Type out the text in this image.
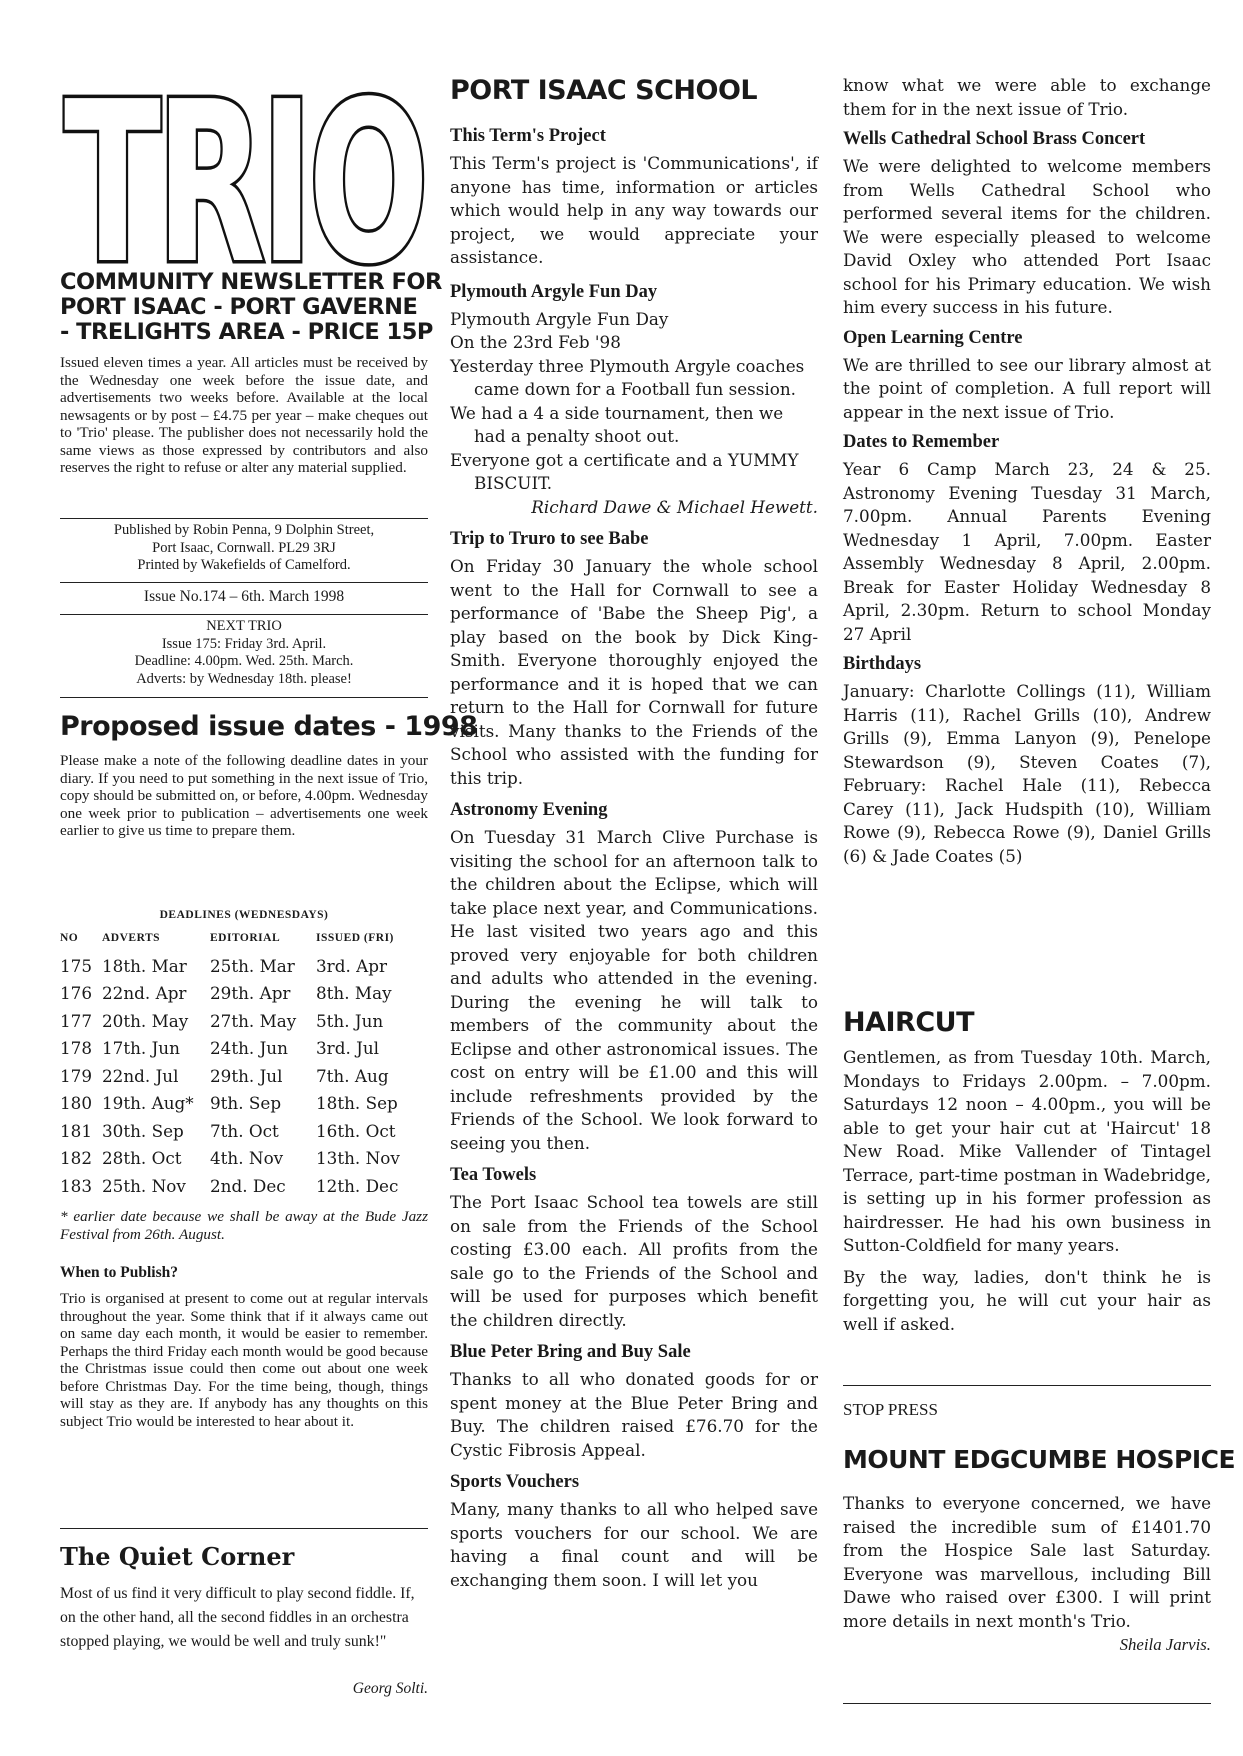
TRIO
COMMUNITY NEWSLETTER FOR
PORT ISAAC - PORT GAVERNE
- TRELIGHTS AREA - PRICE 15P
Issued eleven times a year. All articles must be received by the Wednesday one week before the issue date, and advertisements two weeks before. Available at the local newsagents or by post – £4.75 per year – make cheques out to 'Trio' please. The publisher does not necessarily hold the same views as those expressed by contributors and also reserves the right to refuse or alter any material supplied.
Published by Robin Penna, 9 Dolphin Street,
Port Isaac, Cornwall. PL29 3RJ
Printed by Wakefields of Camelford.
Issue No.174 – 6th. March 1998
NEXT TRIO
Issue 175: Friday 3rd. April.
Deadline: 4.00pm. Wed. 25th. March.
Adverts: by Wednesday 18th. please!
Proposed issue dates - 1998
Please make a note of the following deadline dates in your diary. If you need to put something in the next issue of Trio, copy should be submitted on, or before, 4.00pm. Wednesday one week prior to publication – advertisements one week earlier to give us time to prepare them.
DEADLINES (WEDNESDAYS)
NO	ADVERTS	EDITORIAL	ISSUED (FRI)
175	18th. Mar	25th. Mar	3rd. Apr
176	22nd. Apr	29th. Apr	8th. May
177	20th. May	27th. May	5th. Jun
178	17th. Jun	24th. Jun	3rd. Jul
179	22nd. Jul	29th. Jul	7th. Aug
180	19th. Aug*	9th. Sep	18th. Sep
181	30th. Sep	7th. Oct	16th. Oct
182	28th. Oct	4th. Nov	13th. Nov
183	25th. Nov	2nd. Dec	12th. Dec
* earlier date because we shall be away at the Bude Jazz Festival from 26th. August.
When to Publish?
Trio is organised at present to come out at regular intervals throughout the year. Some think that if it always came out on same day each month, it would be easier to remember. Perhaps the third Friday each month would be good because the Christmas issue could then come out about one week before Christmas Day. For the time being, though, things will stay as they are. If anybody has any thoughts on this subject Trio would be interested to hear about it.
The Quiet Corner
Most of us find it very difficult to play second fiddle. If, on the other hand, all the second fiddles in an orchestra stopped playing, we would be well and truly sunk!"
Georg Solti.
PORT ISAAC SCHOOL

This Term's Project

This Term's project is 'Communications', if anyone has time, information or articles which would help in any way towards our project, we would appreciate your assistance.

Plymouth Argyle Fun Day

Plymouth Argyle Fun Day

On the 23rd Feb '98

Yesterday three Plymouth Argyle coaches came down for a Football fun session.

We had a 4 a side tournament, then we had a penalty shoot out.

Everyone got a certificate and a YUMMY BISCUIT.

Richard Dawe & Michael Hewett.

Trip to Truro to see Babe

On Friday 30 January the whole school went to the Hall for Cornwall to see a performance of 'Babe the Sheep Pig', a play based on the book by Dick King-Smith. Everyone thoroughly enjoyed the performance and it is hoped that we can return to the Hall for Cornwall for future visits. Many thanks to the Friends of the School who assisted with the funding for this trip.

Astronomy Evening

On Tuesday 31 March Clive Purchase is visiting the school for an afternoon talk to the children about the Eclipse, which will take place next year, and Communications. He last visited two years ago and this proved very enjoyable for both children and adults who attended in the evening. During the evening he will talk to members of the community about the Eclipse and other astronomical issues. The cost on entry will be £1.00 and this will include refreshments provided by the Friends of the School. We look forward to seeing you then.

Tea Towels

The Port Isaac School tea towels are still on sale from the Friends of the School costing £3.00 each. All profits from the sale go to the Friends of the School and will be used for purposes which benefit the children directly.

Blue Peter Bring and Buy Sale

Thanks to all who donated goods for or spent money at the Blue Peter Bring and Buy. The children raised £76.70 for the Cystic Fibrosis Appeal.

Sports Vouchers

Many, many thanks to all who helped save sports vouchers for our school. We are having a final count and will be exchanging them soon. I will let you

know what we were able to exchange them for in the next issue of Trio.

Wells Cathedral School Brass Concert

We were delighted to welcome members from Wells Cathedral School who performed several items for the children. We were especially pleased to welcome David Oxley who attended Port Isaac school for his Primary education. We wish him every success in his future.

Open Learning Centre

We are thrilled to see our library almost at the point of completion. A full report will appear in the next issue of Trio.

Dates to Remember

Year 6 Camp March 23, 24 & 25. Astronomy Evening Tuesday 31 March, 7.00pm. Annual Parents Evening Wednesday 1 April, 7.00pm. Easter Assembly Wednesday 8 April, 2.00pm. Break for Easter Holiday Wednesday 8 April, 2.30pm. Return to school Monday 27 April

Birthdays

January: Charlotte Collings (11), William Harris (11), Rachel Grills (10), Andrew Grills (9), Emma Lanyon (9), Penelope Stewardson (9), Steven Coates (7), February: Rachel Hale (11), Rebecca Carey (11), Jack Hudspith (10), William Rowe (9), Rebecca Rowe (9), Daniel Grills (6) & Jade Coates (5)

HAIRCUT

Gentlemen, as from Tuesday 10th. March, Mondays to Fridays 2.00pm. – 7.00pm. Saturdays 12 noon – 4.00pm., you will be able to get your hair cut at 'Haircut' 18 New Road. Mike Vallender of Tintagel Terrace, part-time postman in Wadebridge, is setting up in his former profession as hairdresser. He had his own business in Sutton-Coldfield for many years.

By the way, ladies, don't think he is forgetting you, he will cut your hair as well if asked.

STOP PRESS
MOUNT EDGCUMBE HOSPICE

Thanks to everyone concerned, we have raised the incredible sum of £1401.70 from the Hospice Sale last Saturday. Everyone was marvellous, including Bill Dawe who raised over £300. I will print more details in next month's Trio.

Sheila Jarvis.
